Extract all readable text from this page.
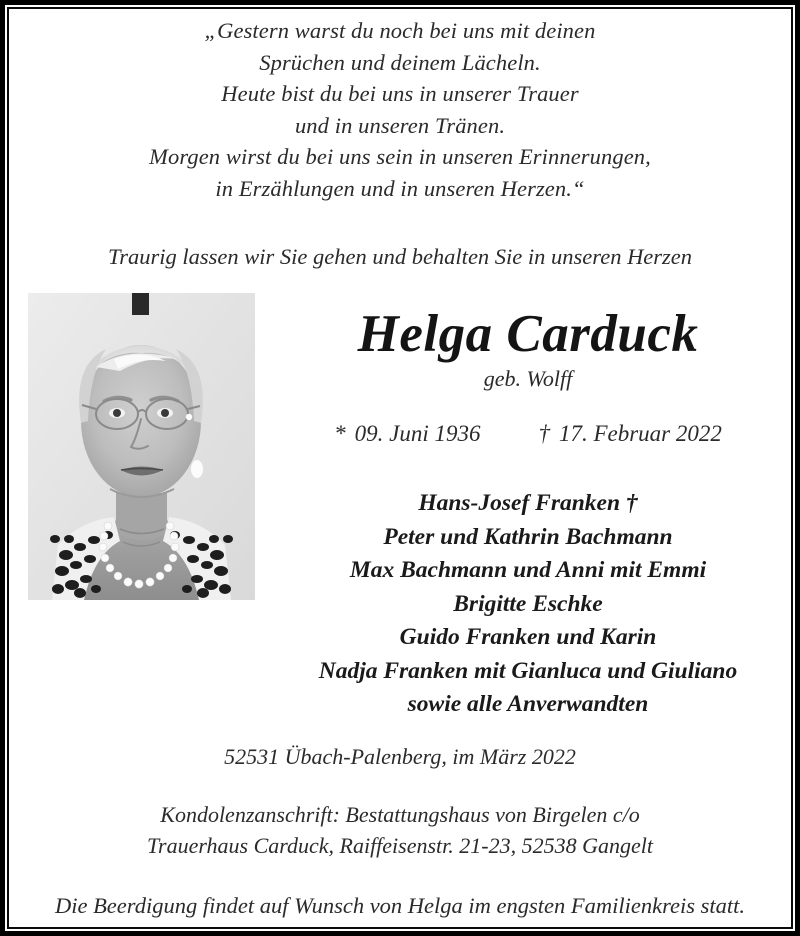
„Gestern warst du noch bei uns mit deinen
Sprüchen und deinem Lächeln.
Heute bist du bei uns in unserer Trauer
und in unseren Tränen.
Morgen wirst du bei uns sein in unseren Erinnerungen,
in Erzählungen und in unseren Herzen.“
Traurig lassen wir Sie gehen und behalten Sie in unseren Herzen
Helga Carduck
geb. Wolff
* 09. Juni 1936	† 17. Februar 2022
Hans-Josef Franken †
Peter und Kathrin Bachmann
Max Bachmann und Anni mit Emmi
Brigitte Eschke
Guido Franken und Karin
Nadja Franken mit Gianluca und Giuliano
sowie alle Anverwandten
52531 Übach-Palenberg, im März 2022
Kondolenzanschrift: Bestattungshaus von Birgelen c/o
Trauerhaus Carduck, Raiffeisenstr. 21-23, 52538 Gangelt
Die Beerdigung findet auf Wunsch von Helga im engsten Familienkreis statt.
